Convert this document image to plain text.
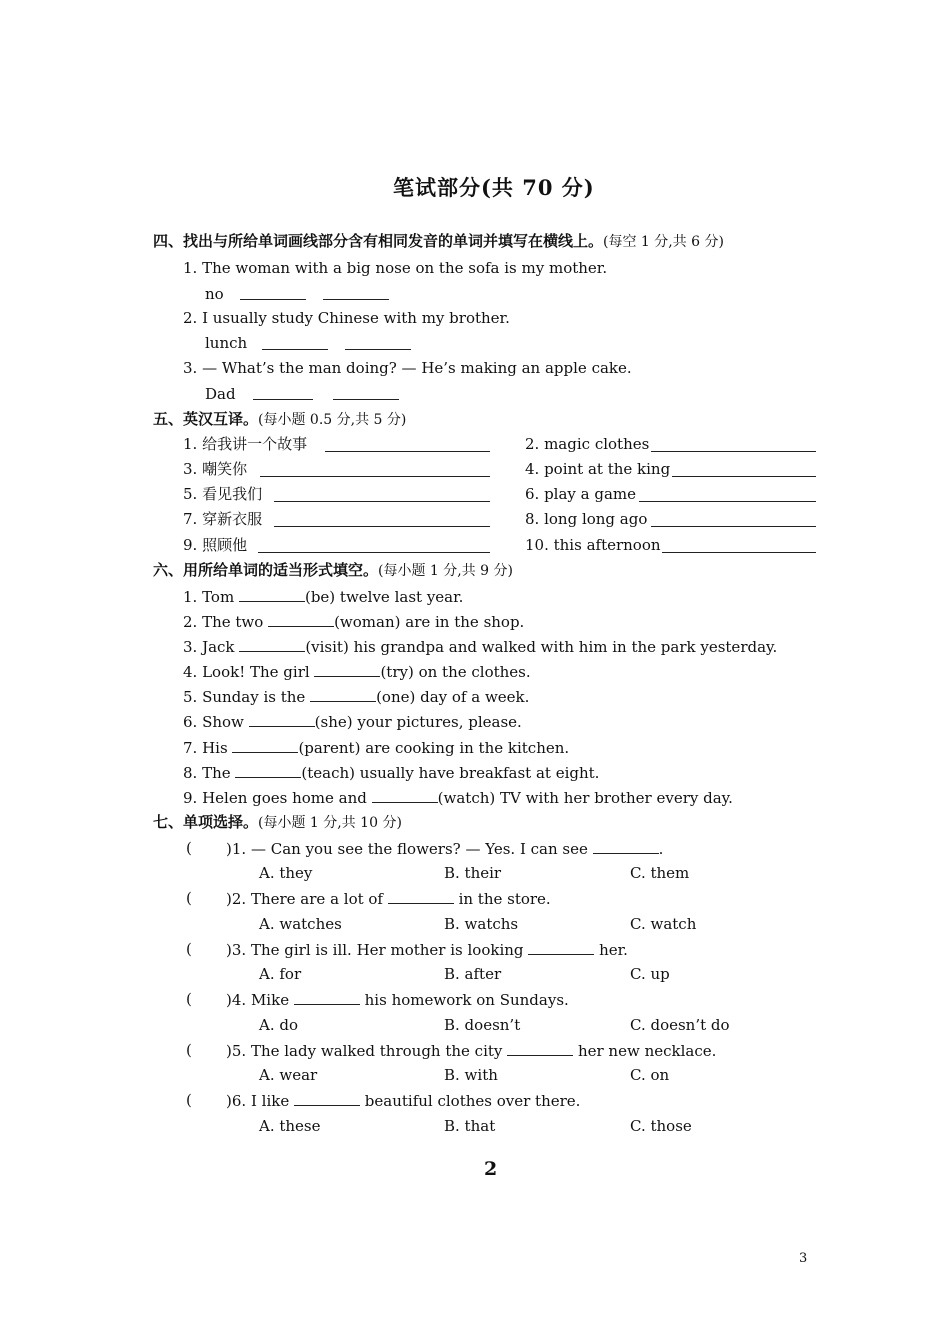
笔试部分(共 70 分)
四、找出与所给单词画线部分含有相同发音的单词并填写在横线上。(每空 1 分,共 6 分)
1. The woman with a big nose on the sofa is my mother.
no
2. I usually study Chinese with my brother.
lunch
3. — What’s the man doing? — He’s making an apple cake.
Dad
五、英汉互译。(每小题 0.5 分,共 5 分)
1. 给我讲一个故事	2. magic clothes
3. 嘲笑你	4. point at the king
5. 看见我们	6. play a game
7. 穿新衣服	8. long long ago
9. 照顾他	10. this afternoon
六、用所给单词的适当形式填空。(每小题 1 分,共 9 分)
1. Tom	(be) twelve last year.
2. The two	(woman) are in the shop.
3. Jack	(visit) his grandpa and walked with him in the park yesterday.
4. Look! The girl	(try) on the clothes.
5. Sunday is the	(one) day of a week.
6. Show	(she) your pictures, please.
7. His	(parent) are cooking in the kitchen.
8. The	(teach) usually have breakfast at eight.
9. Helen goes home and	(watch) TV with her brother every day.
七、单项选择。(每小题 1 分,共 10 分)
( )1. — Can you see the flowers? — Yes. I can see	.
A. they	B. their	C. them
( )2. There are a lot of	in the store.
A. watches	B. watchs	C. watch
( )3. The girl is ill. Her mother is looking	her.
A. for	B. after	C. up
( )4. Mike	his homework on Sundays.
A. do	B. doesn’t	C. doesn’t do
( )5. The lady walked through the city	her new necklace.
A. wear	B. with	C. on
( )6. I like	beautiful clothes over there.
A. these	B. that	C. those
2
3
